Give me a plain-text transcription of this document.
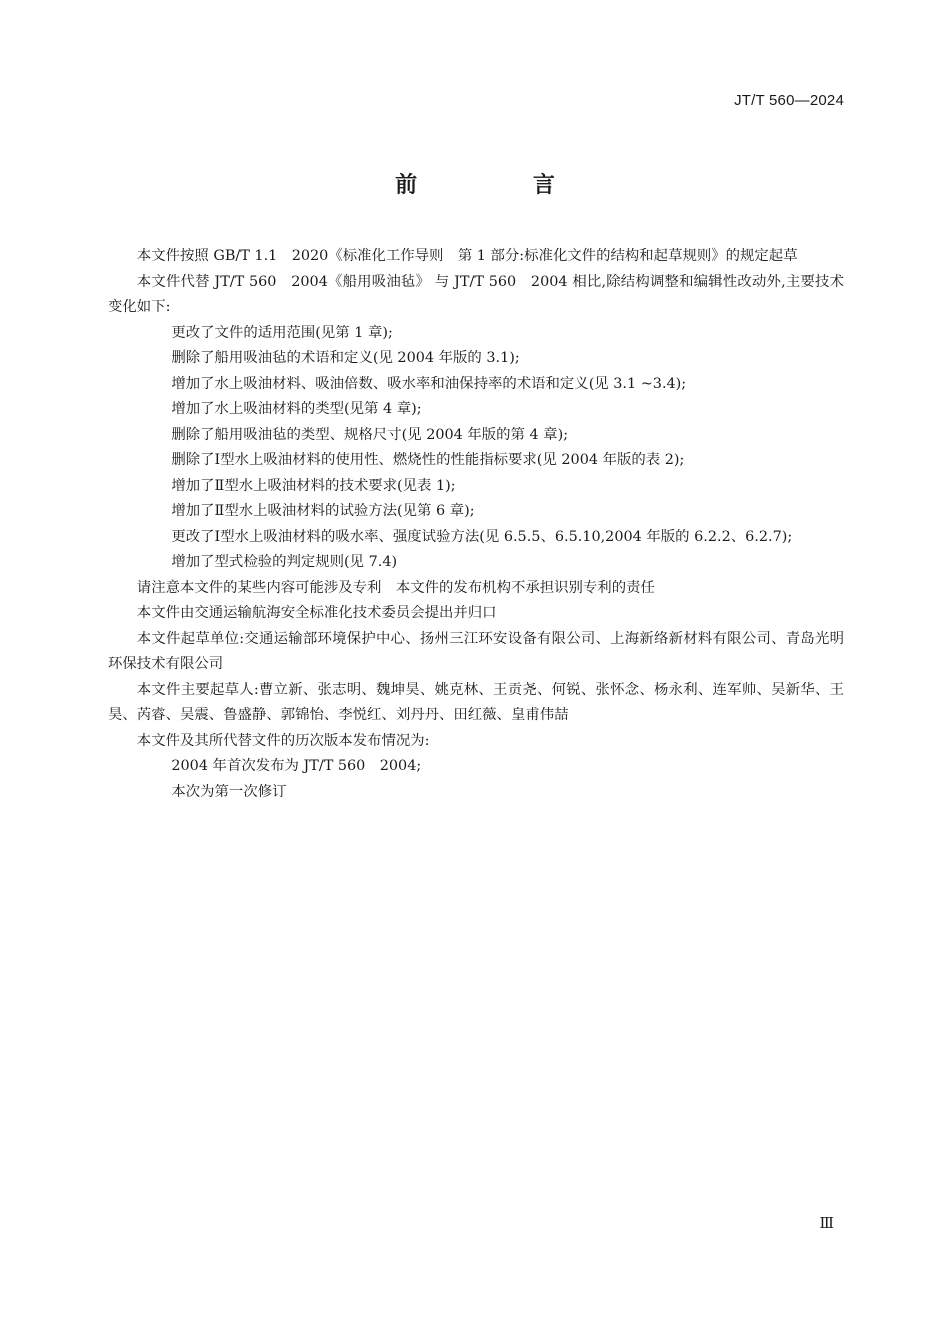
JT/T 560—2024
前 言

本文件按照 GB/T 1.1　2020《标准化工作导则　第 1 部分:标准化文件的结构和起草规则》的规定起草

本文件代替 JT/T 560　2004《船用吸油毡》 与 JT/T 560　2004 相比,除结构调整和编辑性改动外,主要技术变化如下:

更改了文件的适用范围(见第 1 章);

删除了船用吸油毡的术语和定义(见 2004 年版的 3.1);

增加了水上吸油材料、吸油倍数、吸水率和油保持率的术语和定义(见 3.1 ~3.4);

增加了水上吸油材料的类型(见第 4 章);

删除了船用吸油毡的类型、规格尺寸(见 2004 年版的第 4 章);

删除了Ⅰ型水上吸油材料的使用性、燃烧性的性能指标要求(见 2004 年版的表 2);

增加了Ⅱ型水上吸油材料的技术要求(见表 1);

增加了Ⅱ型水上吸油材料的试验方法(见第 6 章);

更改了Ⅰ型水上吸油材料的吸水率、强度试验方法(见 6.5.5、6.5.10,2004 年版的 6.2.2、6.2.7);

增加了型式检验的判定规则(见 7.4)

请注意本文件的某些内容可能涉及专利　本文件的发布机构不承担识别专利的责任

本文件由交通运输航海安全标准化技术委员会提出并归口

本文件起草单位:交通运输部环境保护中心、扬州三江环安设备有限公司、上海新络新材料有限公司、青岛光明环保技术有限公司

本文件主要起草人:曹立新、张志明、魏坤昊、姚克林、王贡尧、何锐、张怀念、杨永利、连军帅、吴新华、王昊、芮睿、吴震、鲁盛静、郭锦怡、李悦红、刘丹丹、田红薇、皇甫伟喆

本文件及其所代替文件的历次版本发布情况为:

2004 年首次发布为 JT/T 560　2004;

本次为第一次修订

Ⅲ
